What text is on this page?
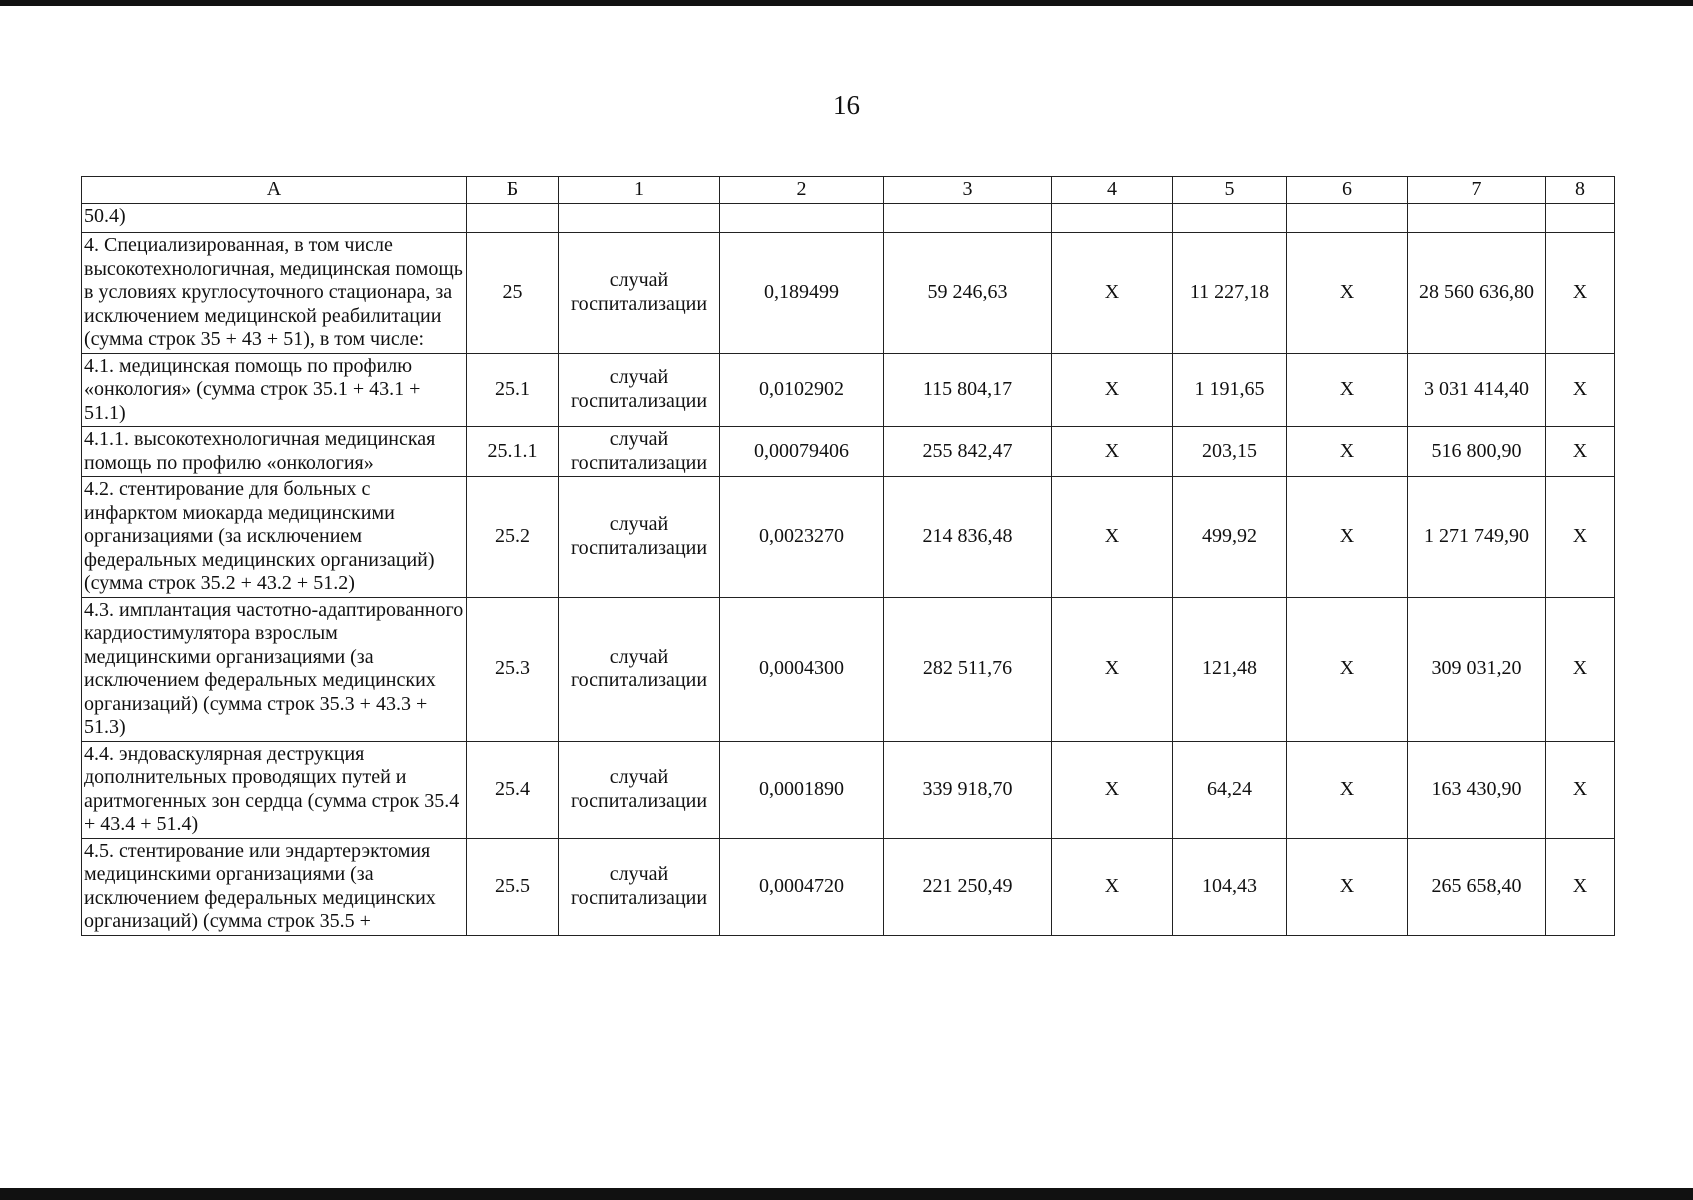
16
А	Б	1	2	3	4	5	6	7	8
50.4)									
4. Специализированная, в том числе высокотехнологичная, медицинская помощь в условиях круглосуточного стационара, за исключением медицинской реабилитации (сумма строк 35 + 43 + 51), в том числе:	25	случай госпитализации	0,189499	59 246,63	X	11 227,18	X	28 560 636,80	X
4.1. медицинская помощь по профилю «онкология» (сумма строк 35.1 + 43.1 + 51.1)	25.1	случай госпитализации	0,0102902	115 804,17	X	1 191,65	X	3 031 414,40	X
4.1.1. высокотехнологичная медицинская помощь по профилю «онкология»	25.1.1	случай госпитализации	0,00079406	255 842,47	X	203,15	X	516 800,90	X
4.2. стентирование для больных с инфарктом миокарда медицинскими организациями (за исключением федеральных медицинских организаций) (сумма строк 35.2 + 43.2 + 51.2)	25.2	случай госпитализации	0,0023270	214 836,48	X	499,92	X	1 271 749,90	X
4.3. имплантация частотно-адаптированного кардиостимулятора взрослым медицинскими организациями (за исключением федеральных медицинских организаций) (сумма строк 35.3 + 43.3 + 51.3)	25.3	случай госпитализации	0,0004300	282 511,76	X	121,48	X	309 031,20	X
4.4. эндоваскулярная деструкция дополнительных проводящих путей и аритмогенных зон сердца (сумма строк 35.4 + 43.4 + 51.4)	25.4	случай госпитализации	0,0001890	339 918,70	X	64,24	X	163 430,90	X
4.5. стентирование или эндартерэктомия медицинскими организациями (за исключением федеральных медицинских организаций) (сумма строк 35.5 +	25.5	случай госпитализации	0,0004720	221 250,49	X	104,43	X	265 658,40	X
